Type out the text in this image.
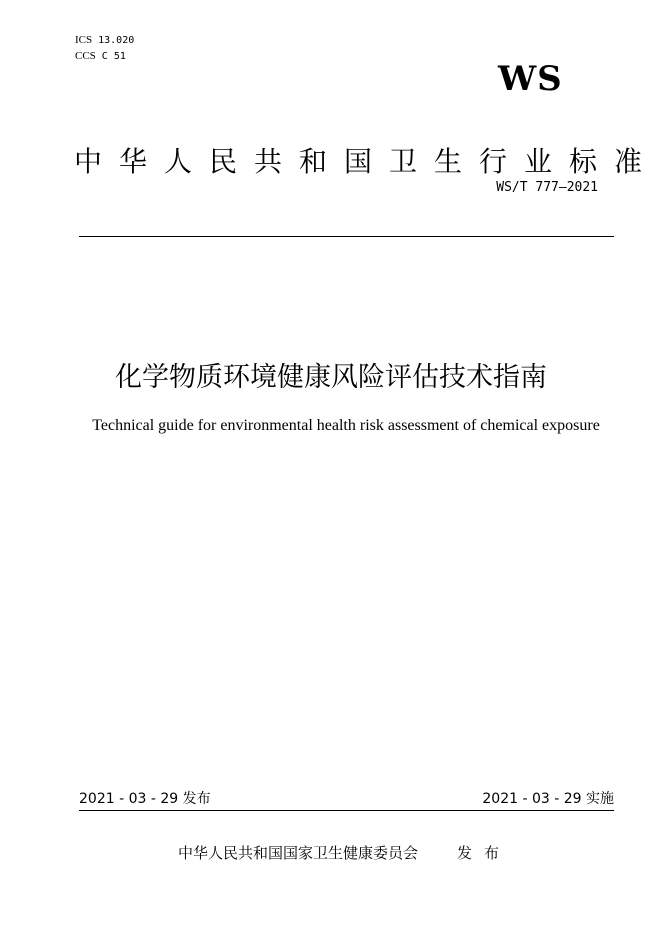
ICS 13.020
CCS C 51
WS
中华人民共和国卫生行业标准
WS/T 777—2021
化学物质环境健康风险评估技术指南
Technical guide for environmental health risk assessment of chemical exposure
2021 - 03 - 29 发布	2021 - 03 - 29 实施
中华人民共和国国家卫生健康委员会	发布
